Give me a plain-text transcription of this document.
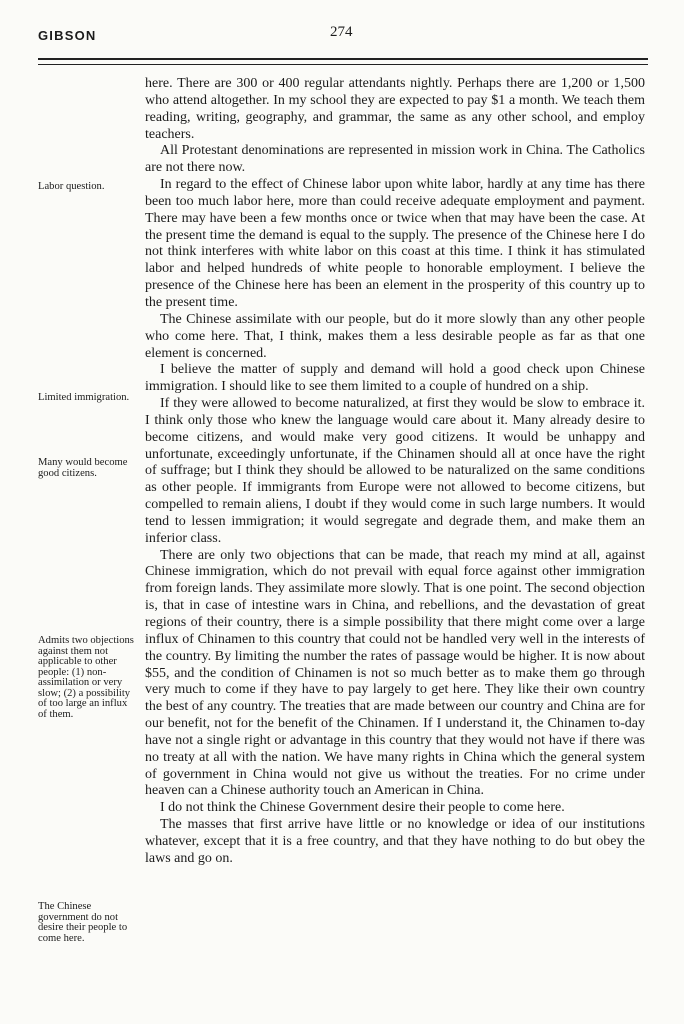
GIBSON	274

Labor question.

Limited immigration.

Many would become good citizens.

Admits two objections against them not applicable to other people: (1) non-assimilation or very slow; (2) a possibility of too large an influx of them.

The Chinese government do not desire their people to come here.

here. There are 300 or 400 regular attendants nightly. Perhaps there are 1,200 or 1,500 who attend altogether. In my school they are expected to pay $1 a month. We teach them reading, writing, geography, and grammar, the same as any other school, and employ teachers.

All Protestant denominations are represented in mission work in China. The Catholics are not there now.

In regard to the effect of Chinese labor upon white labor, hardly at any time has there been too much labor here, more than could receive adequate employment and payment. There may have been a few months once or twice when that may have been the case. At the present time the demand is equal to the supply. The presence of the Chinese here I do not think interferes with white labor on this coast at this time. I think it has stimulated labor and helped hundreds of white people to honorable employment. I believe the presence of the Chinese here has been an element in the prosperity of this country up to the present time.

The Chinese assimilate with our people, but do it more slowly than any other people who come here. That, I think, makes them a less desirable people as far as that one element is concerned.

I believe the matter of supply and demand will hold a good check upon Chinese immigration. I should like to see them limited to a couple of hundred on a ship.

If they were allowed to become naturalized, at first they would be slow to embrace it. I think only those who knew the language would care about it. Many already desire to become citizens, and would make very good citizens. It would be unhappy and unfortunate, exceedingly unfortunate, if the Chinamen should all at once have the right of suffrage; but I think they should be allowed to be naturalized on the same conditions as other people. If immigrants from Europe were not allowed to become citizens, but compelled to remain aliens, I doubt if they would come in such large numbers. It would tend to lessen immigration; it would segregate and degrade them, and make them an inferior class.

There are only two objections that can be made, that reach my mind at all, against Chinese immigration, which do not prevail with equal force against other immigration from foreign lands. They assimilate more slowly. That is one point. The second objection is, that in case of intestine wars in China, and rebellions, and the devastation of great regions of their country, there is a simple possibility that there might come over a large influx of Chinamen to this country that could not be handled very well in the interests of the country. By limiting the number the rates of passage would be higher. It is now about $55, and the condition of Chinamen is not so much better as to make them go through very much to come if they have to pay largely to get here. They like their own country the best of any country. The treaties that are made between our country and China are for our benefit, not for the benefit of the Chinamen. If I understand it, the Chinamen to-day have not a single right or advantage in this country that they would not have if there was no treaty at all with the nation. We have many rights in China which the general system of government in China would not give us without the treaties. For no crime under heaven can a Chinese authority touch an American in China.

I do not think the Chinese Government desire their people to come here.

The masses that first arrive have little or no knowledge or idea of our institutions whatever, except that it is a free country, and that they have nothing to do but obey the laws and go on.
